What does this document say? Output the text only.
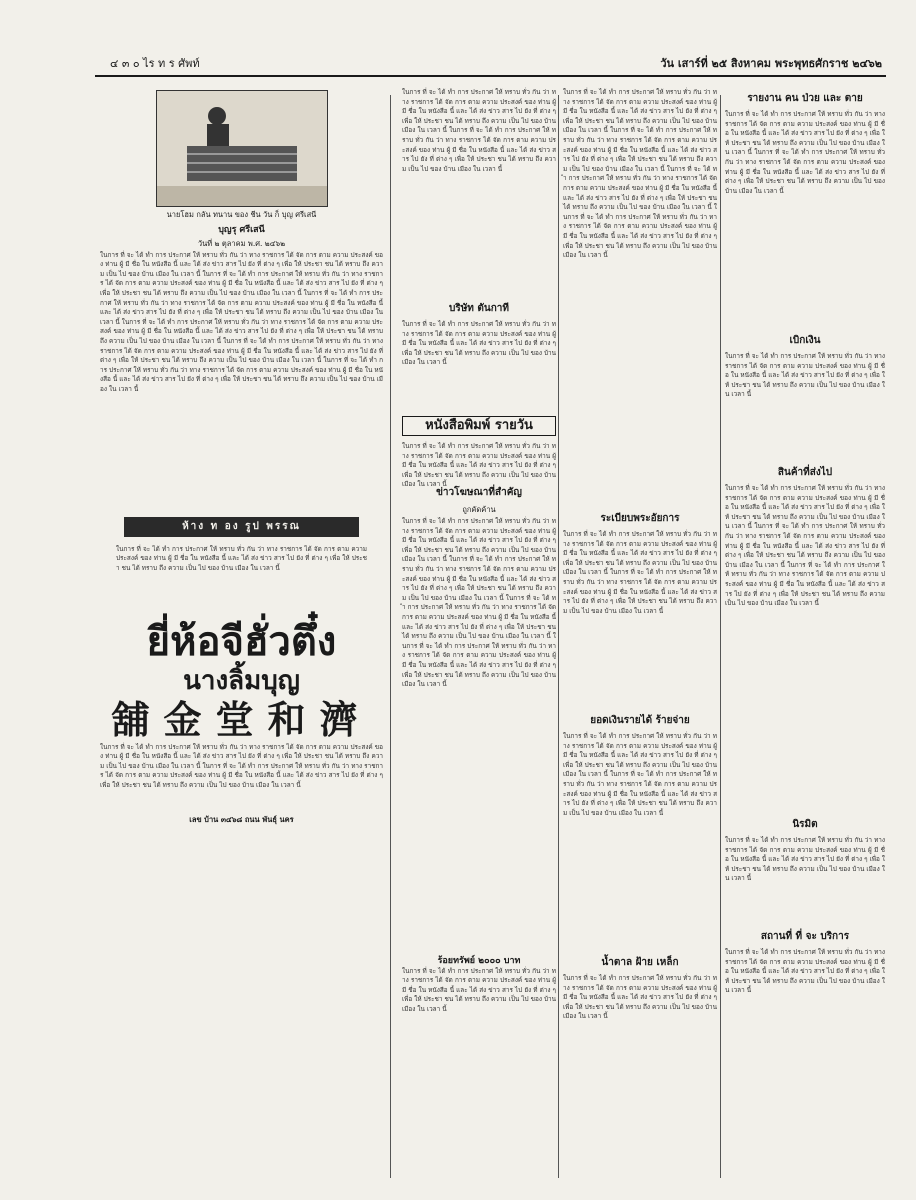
๔ ๓ ๐ ไร ท ร ศัพท์	วัน เสาร์ที่ ๒๕ สิงหาคม พระพุทธศักราช ๒๔๖๒
นายโฮม กลัน ทนาน ของ ชีน วัน ก็ บุญ ศรีเสนี
บุญรุ ศรีเสนี
วันที่ ๒ ตุลาคม พ.ศ. ๒๔๖๒
ในการ ที่ จะ ได้ ทำ การ ประกาศ ให้ ทราบ ทั่ว กัน ว่า ทาง ราชการ ได้ จัด การ ตาม ความ ประสงค์ ของ ท่าน ผู้ มี ชื่อ ใน หนังสือ นี้ และ ได้ ส่ง ข่าว สาร ไป ยัง ที่ ต่าง ๆ เพื่อ ให้ ประชา ชน ได้ ทราบ ถึง ความ เป็น ไป ของ บ้าน เมือง ใน เวลา นี้ ในการ ที่ จะ ได้ ทำ การ ประกาศ ให้ ทราบ ทั่ว กัน ว่า ทาง ราชการ ได้ จัด การ ตาม ความ ประสงค์ ของ ท่าน ผู้ มี ชื่อ ใน หนังสือ นี้ และ ได้ ส่ง ข่าว สาร ไป ยัง ที่ ต่าง ๆ เพื่อ ให้ ประชา ชน ได้ ทราบ ถึง ความ เป็น ไป ของ บ้าน เมือง ใน เวลา นี้ ในการ ที่ จะ ได้ ทำ การ ประกาศ ให้ ทราบ ทั่ว กัน ว่า ทาง ราชการ ได้ จัด การ ตาม ความ ประสงค์ ของ ท่าน ผู้ มี ชื่อ ใน หนังสือ นี้ และ ได้ ส่ง ข่าว สาร ไป ยัง ที่ ต่าง ๆ เพื่อ ให้ ประชา ชน ได้ ทราบ ถึง ความ เป็น ไป ของ บ้าน เมือง ใน เวลา นี้ ในการ ที่ จะ ได้ ทำ การ ประกาศ ให้ ทราบ ทั่ว กัน ว่า ทาง ราชการ ได้ จัด การ ตาม ความ ประสงค์ ของ ท่าน ผู้ มี ชื่อ ใน หนังสือ นี้ และ ได้ ส่ง ข่าว สาร ไป ยัง ที่ ต่าง ๆ เพื่อ ให้ ประชา ชน ได้ ทราบ ถึง ความ เป็น ไป ของ บ้าน เมือง ใน เวลา นี้ ในการ ที่ จะ ได้ ทำ การ ประกาศ ให้ ทราบ ทั่ว กัน ว่า ทาง ราชการ ได้ จัด การ ตาม ความ ประสงค์ ของ ท่าน ผู้ มี ชื่อ ใน หนังสือ นี้ และ ได้ ส่ง ข่าว สาร ไป ยัง ที่ ต่าง ๆ เพื่อ ให้ ประชา ชน ได้ ทราบ ถึง ความ เป็น ไป ของ บ้าน เมือง ใน เวลา นี้ ในการ ที่ จะ ได้ ทำ การ ประกาศ ให้ ทราบ ทั่ว กัน ว่า ทาง ราชการ ได้ จัด การ ตาม ความ ประสงค์ ของ ท่าน ผู้ มี ชื่อ ใน หนังสือ นี้ และ ได้ ส่ง ข่าว สาร ไป ยัง ที่ ต่าง ๆ เพื่อ ให้ ประชา ชน ได้ ทราบ ถึง ความ เป็น ไป ของ บ้าน เมือง ใน เวลา นี้
ห้าง ท อง รูป พรรณ
ในการ ที่ จะ ได้ ทำ การ ประกาศ ให้ ทราบ ทั่ว กัน ว่า ทาง ราชการ ได้ จัด การ ตาม ความ ประสงค์ ของ ท่าน ผู้ มี ชื่อ ใน หนังสือ นี้ และ ได้ ส่ง ข่าว สาร ไป ยัง ที่ ต่าง ๆ เพื่อ ให้ ประชา ชน ได้ ทราบ ถึง ความ เป็น ไป ของ บ้าน เมือง ใน เวลา นี้
ยี่ห้อจีฮั่วตึ๋ง
นางลิ้มบุญ
舖金堂和濟
ในการ ที่ จะ ได้ ทำ การ ประกาศ ให้ ทราบ ทั่ว กัน ว่า ทาง ราชการ ได้ จัด การ ตาม ความ ประสงค์ ของ ท่าน ผู้ มี ชื่อ ใน หนังสือ นี้ และ ได้ ส่ง ข่าว สาร ไป ยัง ที่ ต่าง ๆ เพื่อ ให้ ประชา ชน ได้ ทราบ ถึง ความ เป็น ไป ของ บ้าน เมือง ใน เวลา นี้ ในการ ที่ จะ ได้ ทำ การ ประกาศ ให้ ทราบ ทั่ว กัน ว่า ทาง ราชการ ได้ จัด การ ตาม ความ ประสงค์ ของ ท่าน ผู้ มี ชื่อ ใน หนังสือ นี้ และ ได้ ส่ง ข่าว สาร ไป ยัง ที่ ต่าง ๆ เพื่อ ให้ ประชา ชน ได้ ทราบ ถึง ความ เป็น ไป ของ บ้าน เมือง ใน เวลา นี้
เลข บ้าน ๓๔๖๘ ถนน พันธุ์ นคร
ในการ ที่ จะ ได้ ทำ การ ประกาศ ให้ ทราบ ทั่ว กัน ว่า ทาง ราชการ ได้ จัด การ ตาม ความ ประสงค์ ของ ท่าน ผู้ มี ชื่อ ใน หนังสือ นี้ และ ได้ ส่ง ข่าว สาร ไป ยัง ที่ ต่าง ๆ เพื่อ ให้ ประชา ชน ได้ ทราบ ถึง ความ เป็น ไป ของ บ้าน เมือง ใน เวลา นี้ ในการ ที่ จะ ได้ ทำ การ ประกาศ ให้ ทราบ ทั่ว กัน ว่า ทาง ราชการ ได้ จัด การ ตาม ความ ประสงค์ ของ ท่าน ผู้ มี ชื่อ ใน หนังสือ นี้ และ ได้ ส่ง ข่าว สาร ไป ยัง ที่ ต่าง ๆ เพื่อ ให้ ประชา ชน ได้ ทราบ ถึง ความ เป็น ไป ของ บ้าน เมือง ใน เวลา นี้
บริษัท ตันกาที
ในการ ที่ จะ ได้ ทำ การ ประกาศ ให้ ทราบ ทั่ว กัน ว่า ทาง ราชการ ได้ จัด การ ตาม ความ ประสงค์ ของ ท่าน ผู้ มี ชื่อ ใน หนังสือ นี้ และ ได้ ส่ง ข่าว สาร ไป ยัง ที่ ต่าง ๆ เพื่อ ให้ ประชา ชน ได้ ทราบ ถึง ความ เป็น ไป ของ บ้าน เมือง ใน เวลา นี้
หนังสือพิมพ์ รายวัน
ในการ ที่ จะ ได้ ทำ การ ประกาศ ให้ ทราบ ทั่ว กัน ว่า ทาง ราชการ ได้ จัด การ ตาม ความ ประสงค์ ของ ท่าน ผู้ มี ชื่อ ใน หนังสือ นี้ และ ได้ ส่ง ข่าว สาร ไป ยัง ที่ ต่าง ๆ เพื่อ ให้ ประชา ชน ได้ ทราบ ถึง ความ เป็น ไป ของ บ้าน เมือง ใน เวลา นี้
ข่าวโฆษณาที่สำคัญ
ถูกคัดค้าน
ในการ ที่ จะ ได้ ทำ การ ประกาศ ให้ ทราบ ทั่ว กัน ว่า ทาง ราชการ ได้ จัด การ ตาม ความ ประสงค์ ของ ท่าน ผู้ มี ชื่อ ใน หนังสือ นี้ และ ได้ ส่ง ข่าว สาร ไป ยัง ที่ ต่าง ๆ เพื่อ ให้ ประชา ชน ได้ ทราบ ถึง ความ เป็น ไป ของ บ้าน เมือง ใน เวลา นี้ ในการ ที่ จะ ได้ ทำ การ ประกาศ ให้ ทราบ ทั่ว กัน ว่า ทาง ราชการ ได้ จัด การ ตาม ความ ประสงค์ ของ ท่าน ผู้ มี ชื่อ ใน หนังสือ นี้ และ ได้ ส่ง ข่าว สาร ไป ยัง ที่ ต่าง ๆ เพื่อ ให้ ประชา ชน ได้ ทราบ ถึง ความ เป็น ไป ของ บ้าน เมือง ใน เวลา นี้ ในการ ที่ จะ ได้ ทำ การ ประกาศ ให้ ทราบ ทั่ว กัน ว่า ทาง ราชการ ได้ จัด การ ตาม ความ ประสงค์ ของ ท่าน ผู้ มี ชื่อ ใน หนังสือ นี้ และ ได้ ส่ง ข่าว สาร ไป ยัง ที่ ต่าง ๆ เพื่อ ให้ ประชา ชน ได้ ทราบ ถึง ความ เป็น ไป ของ บ้าน เมือง ใน เวลา นี้ ในการ ที่ จะ ได้ ทำ การ ประกาศ ให้ ทราบ ทั่ว กัน ว่า ทาง ราชการ ได้ จัด การ ตาม ความ ประสงค์ ของ ท่าน ผู้ มี ชื่อ ใน หนังสือ นี้ และ ได้ ส่ง ข่าว สาร ไป ยัง ที่ ต่าง ๆ เพื่อ ให้ ประชา ชน ได้ ทราบ ถึง ความ เป็น ไป ของ บ้าน เมือง ใน เวลา นี้
ร้อยทรัพย์ ๒๐๐๐ บาท
ในการ ที่ จะ ได้ ทำ การ ประกาศ ให้ ทราบ ทั่ว กัน ว่า ทาง ราชการ ได้ จัด การ ตาม ความ ประสงค์ ของ ท่าน ผู้ มี ชื่อ ใน หนังสือ นี้ และ ได้ ส่ง ข่าว สาร ไป ยัง ที่ ต่าง ๆ เพื่อ ให้ ประชา ชน ได้ ทราบ ถึง ความ เป็น ไป ของ บ้าน เมือง ใน เวลา นี้
ในการ ที่ จะ ได้ ทำ การ ประกาศ ให้ ทราบ ทั่ว กัน ว่า ทาง ราชการ ได้ จัด การ ตาม ความ ประสงค์ ของ ท่าน ผู้ มี ชื่อ ใน หนังสือ นี้ และ ได้ ส่ง ข่าว สาร ไป ยัง ที่ ต่าง ๆ เพื่อ ให้ ประชา ชน ได้ ทราบ ถึง ความ เป็น ไป ของ บ้าน เมือง ใน เวลา นี้ ในการ ที่ จะ ได้ ทำ การ ประกาศ ให้ ทราบ ทั่ว กัน ว่า ทาง ราชการ ได้ จัด การ ตาม ความ ประสงค์ ของ ท่าน ผู้ มี ชื่อ ใน หนังสือ นี้ และ ได้ ส่ง ข่าว สาร ไป ยัง ที่ ต่าง ๆ เพื่อ ให้ ประชา ชน ได้ ทราบ ถึง ความ เป็น ไป ของ บ้าน เมือง ใน เวลา นี้ ในการ ที่ จะ ได้ ทำ การ ประกาศ ให้ ทราบ ทั่ว กัน ว่า ทาง ราชการ ได้ จัด การ ตาม ความ ประสงค์ ของ ท่าน ผู้ มี ชื่อ ใน หนังสือ นี้ และ ได้ ส่ง ข่าว สาร ไป ยัง ที่ ต่าง ๆ เพื่อ ให้ ประชา ชน ได้ ทราบ ถึง ความ เป็น ไป ของ บ้าน เมือง ใน เวลา นี้ ในการ ที่ จะ ได้ ทำ การ ประกาศ ให้ ทราบ ทั่ว กัน ว่า ทาง ราชการ ได้ จัด การ ตาม ความ ประสงค์ ของ ท่าน ผู้ มี ชื่อ ใน หนังสือ นี้ และ ได้ ส่ง ข่าว สาร ไป ยัง ที่ ต่าง ๆ เพื่อ ให้ ประชา ชน ได้ ทราบ ถึง ความ เป็น ไป ของ บ้าน เมือง ใน เวลา นี้
ระเบียบพระอัยการ
ในการ ที่ จะ ได้ ทำ การ ประกาศ ให้ ทราบ ทั่ว กัน ว่า ทาง ราชการ ได้ จัด การ ตาม ความ ประสงค์ ของ ท่าน ผู้ มี ชื่อ ใน หนังสือ นี้ และ ได้ ส่ง ข่าว สาร ไป ยัง ที่ ต่าง ๆ เพื่อ ให้ ประชา ชน ได้ ทราบ ถึง ความ เป็น ไป ของ บ้าน เมือง ใน เวลา นี้ ในการ ที่ จะ ได้ ทำ การ ประกาศ ให้ ทราบ ทั่ว กัน ว่า ทาง ราชการ ได้ จัด การ ตาม ความ ประสงค์ ของ ท่าน ผู้ มี ชื่อ ใน หนังสือ นี้ และ ได้ ส่ง ข่าว สาร ไป ยัง ที่ ต่าง ๆ เพื่อ ให้ ประชา ชน ได้ ทราบ ถึง ความ เป็น ไป ของ บ้าน เมือง ใน เวลา นี้
ยอดเงินรายได้ ร้ายจ่าย
ในการ ที่ จะ ได้ ทำ การ ประกาศ ให้ ทราบ ทั่ว กัน ว่า ทาง ราชการ ได้ จัด การ ตาม ความ ประสงค์ ของ ท่าน ผู้ มี ชื่อ ใน หนังสือ นี้ และ ได้ ส่ง ข่าว สาร ไป ยัง ที่ ต่าง ๆ เพื่อ ให้ ประชา ชน ได้ ทราบ ถึง ความ เป็น ไป ของ บ้าน เมือง ใน เวลา นี้ ในการ ที่ จะ ได้ ทำ การ ประกาศ ให้ ทราบ ทั่ว กัน ว่า ทาง ราชการ ได้ จัด การ ตาม ความ ประสงค์ ของ ท่าน ผู้ มี ชื่อ ใน หนังสือ นี้ และ ได้ ส่ง ข่าว สาร ไป ยัง ที่ ต่าง ๆ เพื่อ ให้ ประชา ชน ได้ ทราบ ถึง ความ เป็น ไป ของ บ้าน เมือง ใน เวลา นี้
น้ำตาล ฝ้าย เหล็ก
ในการ ที่ จะ ได้ ทำ การ ประกาศ ให้ ทราบ ทั่ว กัน ว่า ทาง ราชการ ได้ จัด การ ตาม ความ ประสงค์ ของ ท่าน ผู้ มี ชื่อ ใน หนังสือ นี้ และ ได้ ส่ง ข่าว สาร ไป ยัง ที่ ต่าง ๆ เพื่อ ให้ ประชา ชน ได้ ทราบ ถึง ความ เป็น ไป ของ บ้าน เมือง ใน เวลา นี้
รายงาน คน ป่วย และ ตาย
ในการ ที่ จะ ได้ ทำ การ ประกาศ ให้ ทราบ ทั่ว กัน ว่า ทาง ราชการ ได้ จัด การ ตาม ความ ประสงค์ ของ ท่าน ผู้ มี ชื่อ ใน หนังสือ นี้ และ ได้ ส่ง ข่าว สาร ไป ยัง ที่ ต่าง ๆ เพื่อ ให้ ประชา ชน ได้ ทราบ ถึง ความ เป็น ไป ของ บ้าน เมือง ใน เวลา นี้ ในการ ที่ จะ ได้ ทำ การ ประกาศ ให้ ทราบ ทั่ว กัน ว่า ทาง ราชการ ได้ จัด การ ตาม ความ ประสงค์ ของ ท่าน ผู้ มี ชื่อ ใน หนังสือ นี้ และ ได้ ส่ง ข่าว สาร ไป ยัง ที่ ต่าง ๆ เพื่อ ให้ ประชา ชน ได้ ทราบ ถึง ความ เป็น ไป ของ บ้าน เมือง ใน เวลา นี้
เบิกเงิน
ในการ ที่ จะ ได้ ทำ การ ประกาศ ให้ ทราบ ทั่ว กัน ว่า ทาง ราชการ ได้ จัด การ ตาม ความ ประสงค์ ของ ท่าน ผู้ มี ชื่อ ใน หนังสือ นี้ และ ได้ ส่ง ข่าว สาร ไป ยัง ที่ ต่าง ๆ เพื่อ ให้ ประชา ชน ได้ ทราบ ถึง ความ เป็น ไป ของ บ้าน เมือง ใน เวลา นี้
สินค้าที่ส่งไป
ในการ ที่ จะ ได้ ทำ การ ประกาศ ให้ ทราบ ทั่ว กัน ว่า ทาง ราชการ ได้ จัด การ ตาม ความ ประสงค์ ของ ท่าน ผู้ มี ชื่อ ใน หนังสือ นี้ และ ได้ ส่ง ข่าว สาร ไป ยัง ที่ ต่าง ๆ เพื่อ ให้ ประชา ชน ได้ ทราบ ถึง ความ เป็น ไป ของ บ้าน เมือง ใน เวลา นี้ ในการ ที่ จะ ได้ ทำ การ ประกาศ ให้ ทราบ ทั่ว กัน ว่า ทาง ราชการ ได้ จัด การ ตาม ความ ประสงค์ ของ ท่าน ผู้ มี ชื่อ ใน หนังสือ นี้ และ ได้ ส่ง ข่าว สาร ไป ยัง ที่ ต่าง ๆ เพื่อ ให้ ประชา ชน ได้ ทราบ ถึง ความ เป็น ไป ของ บ้าน เมือง ใน เวลา นี้ ในการ ที่ จะ ได้ ทำ การ ประกาศ ให้ ทราบ ทั่ว กัน ว่า ทาง ราชการ ได้ จัด การ ตาม ความ ประสงค์ ของ ท่าน ผู้ มี ชื่อ ใน หนังสือ นี้ และ ได้ ส่ง ข่าว สาร ไป ยัง ที่ ต่าง ๆ เพื่อ ให้ ประชา ชน ได้ ทราบ ถึง ความ เป็น ไป ของ บ้าน เมือง ใน เวลา นี้
นิรมิต
ในการ ที่ จะ ได้ ทำ การ ประกาศ ให้ ทราบ ทั่ว กัน ว่า ทาง ราชการ ได้ จัด การ ตาม ความ ประสงค์ ของ ท่าน ผู้ มี ชื่อ ใน หนังสือ นี้ และ ได้ ส่ง ข่าว สาร ไป ยัง ที่ ต่าง ๆ เพื่อ ให้ ประชา ชน ได้ ทราบ ถึง ความ เป็น ไป ของ บ้าน เมือง ใน เวลา นี้
สถานที่ ที่ จะ บริการ
ในการ ที่ จะ ได้ ทำ การ ประกาศ ให้ ทราบ ทั่ว กัน ว่า ทาง ราชการ ได้ จัด การ ตาม ความ ประสงค์ ของ ท่าน ผู้ มี ชื่อ ใน หนังสือ นี้ และ ได้ ส่ง ข่าว สาร ไป ยัง ที่ ต่าง ๆ เพื่อ ให้ ประชา ชน ได้ ทราบ ถึง ความ เป็น ไป ของ บ้าน เมือง ใน เวลา นี้
